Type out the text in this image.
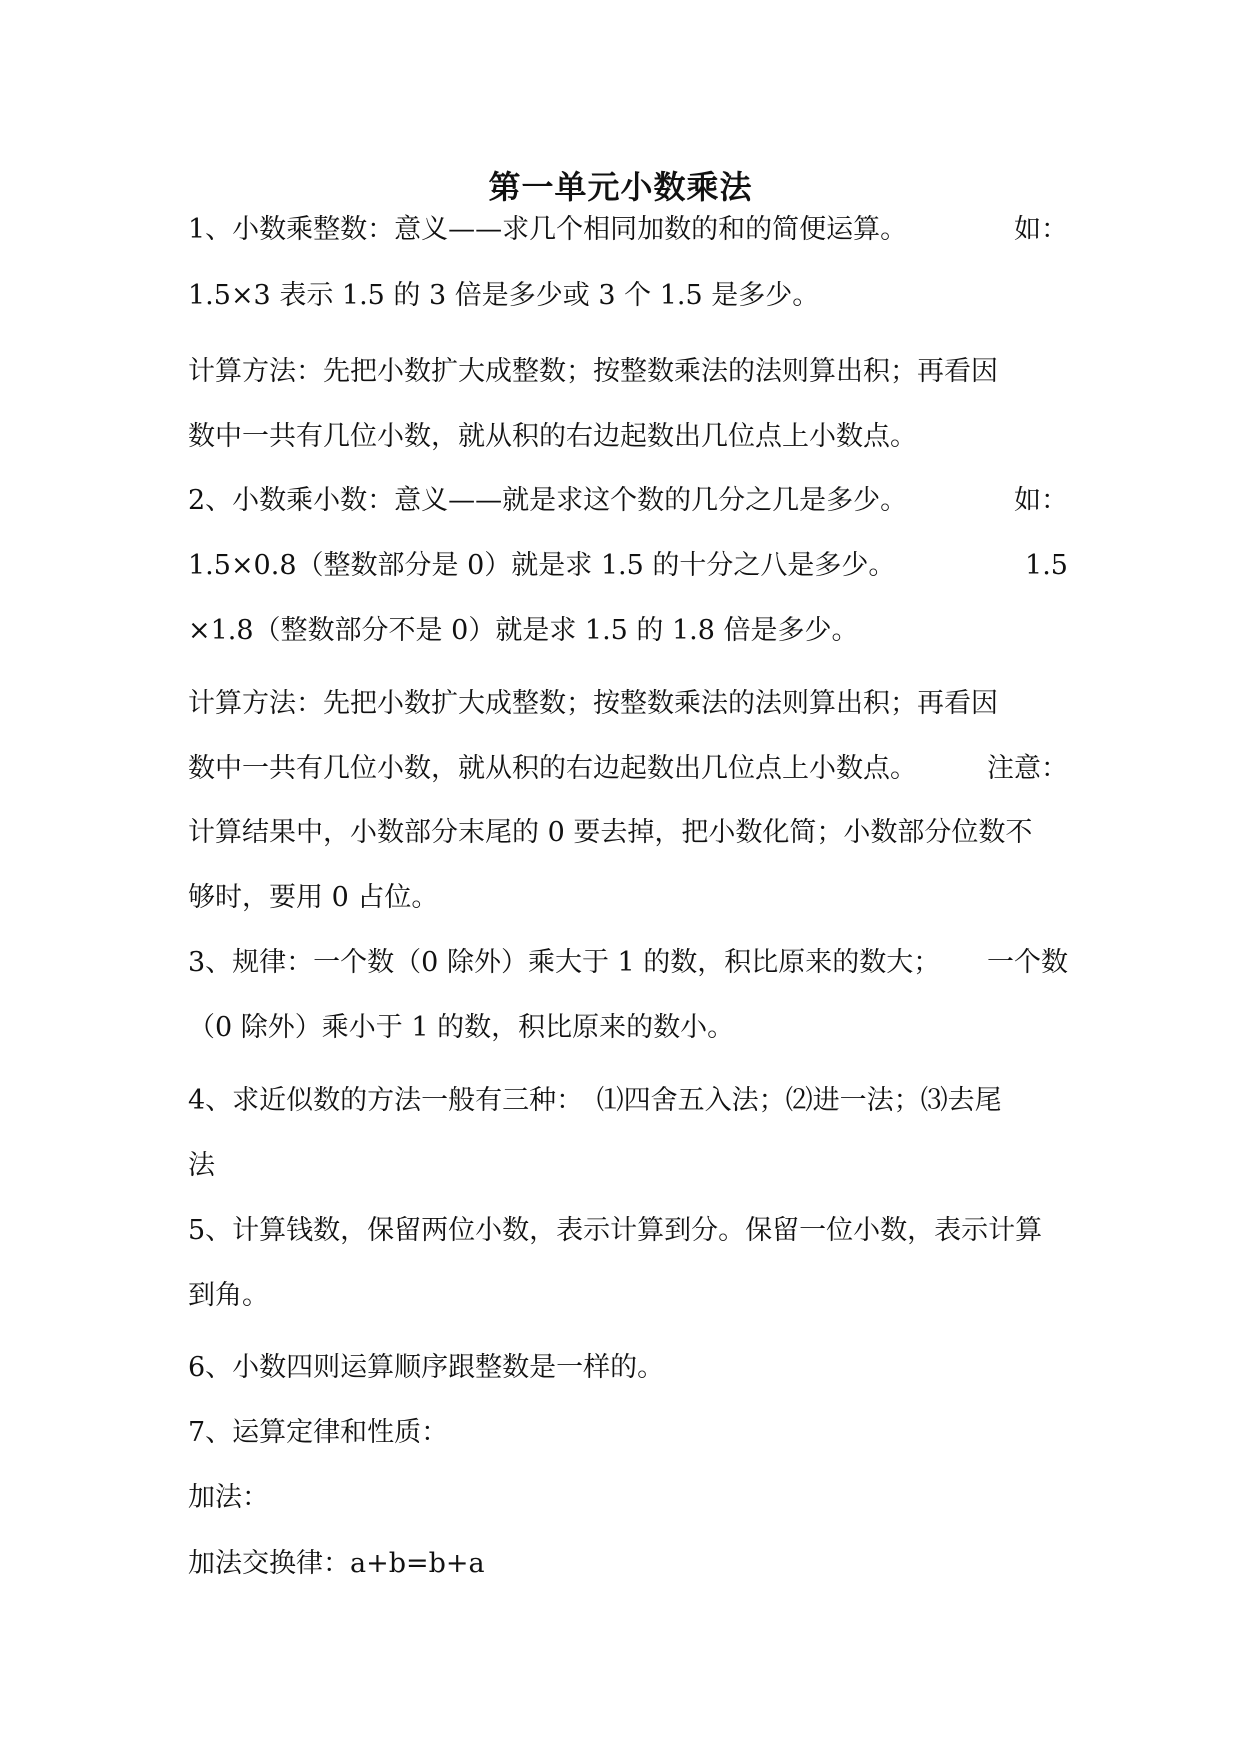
第一单元小数乘法
1、小数乘整数：意义——求几个相同加数的和的简便运算。	如：
1.5×3 表示 1.5 的 3 倍是多少或 3 个 1.5 是多少。
计算方法：先把小数扩大成整数；按整数乘法的法则算出积；再看因
数中一共有几位小数，就从积的右边起数出几位点上小数点。
2、小数乘小数：意义——就是求这个数的几分之几是多少。	如：
1.5×0.8（整数部分是 0）就是求 1.5 的十分之八是多少。	1.5
×1.8（整数部分不是 0）就是求 1.5 的 1.8 倍是多少。
计算方法：先把小数扩大成整数；按整数乘法的法则算出积；再看因
数中一共有几位小数，就从积的右边起数出几位点上小数点。	注意：
计算结果中，小数部分末尾的 0 要去掉，把小数化简；小数部分位数不
够时，要用 0 占位。
3、规律：一个数（0 除外）乘大于 1 的数，积比原来的数大； 一个数
（0 除外）乘小于 1 的数，积比原来的数小。
4、求近似数的方法一般有三种：　⑴四舍五入法；⑵进一法；⑶去尾
法
5、计算钱数，保留两位小数，表示计算到分。保留一位小数，表示计算
到角。
6、小数四则运算顺序跟整数是一样的。
7、运算定律和性质：
加法：
加法交换律：a+b=b+a
